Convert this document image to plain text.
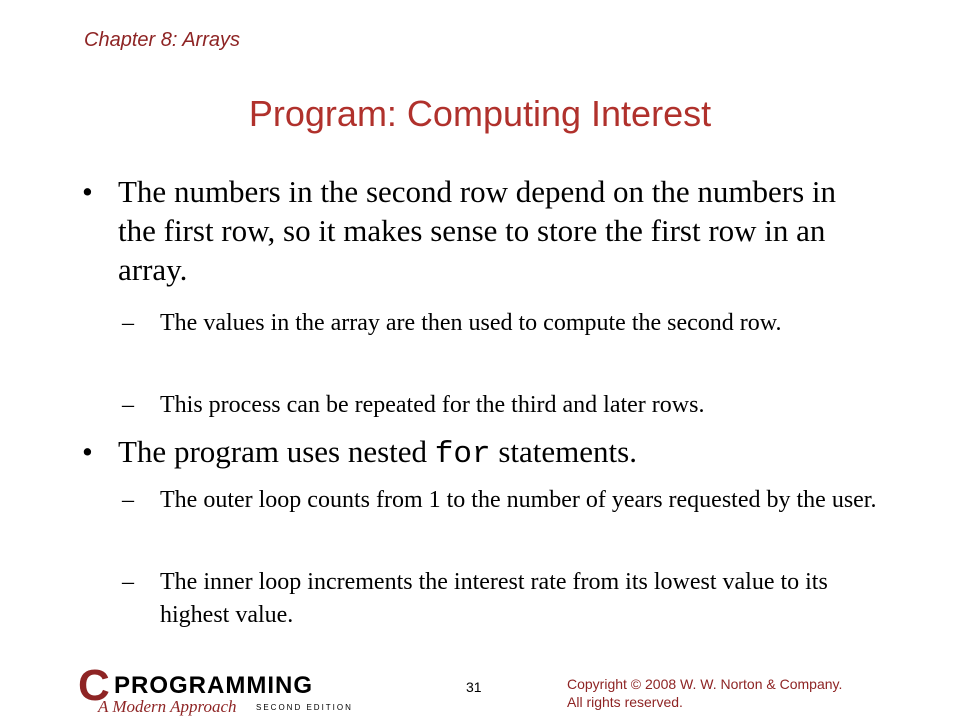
Chapter 8: Arrays
Program: Computing Interest
• The numbers in the second row depend on the numbers in the first row, so it makes sense to store the first row in an array.
– The values in the array are then used to compute the second row.
– This process can be repeated for the third and later rows.
• The program uses nested for statements.
– The outer loop counts from 1 to the number of years requested by the user.
– The inner loop increments the interest rate from its lowest value to its highest value.
C PROGRAMMING
A Modern Approach SECOND EDITION
31	Copyright © 2008 W. W. Norton & Company.
All rights reserved.
